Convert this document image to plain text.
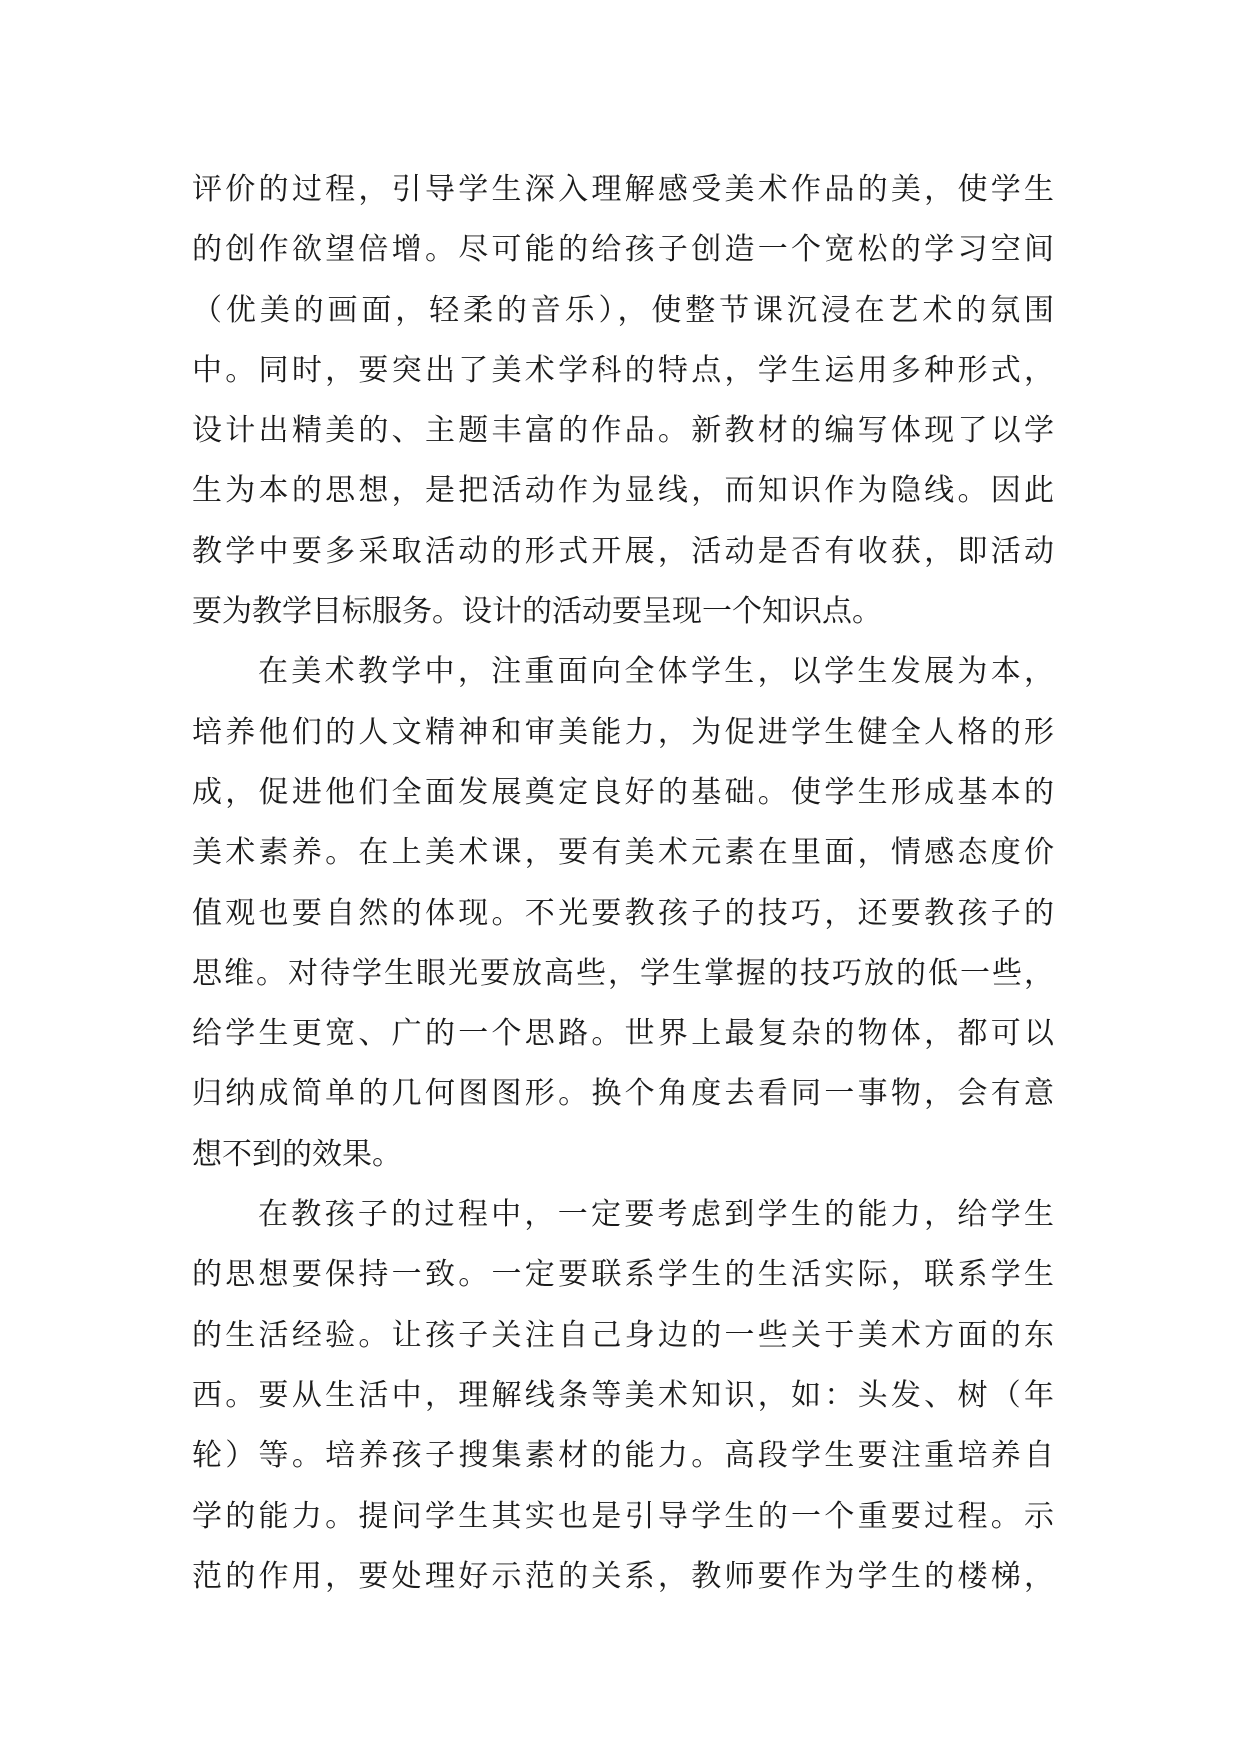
评价的过程，引导学生深入理解感受美术作品的美，使学生
的创作欲望倍增。尽可能的给孩子创造一个宽松的学习空间
（优美的画面，轻柔的音乐），使整节课沉浸在艺术的氛围
中。同时，要突出了美术学科的特点，学生运用多种形式，
设计出精美的、主题丰富的作品。新教材的编写体现了以学
生为本的思想，是把活动作为显线，而知识作为隐线。因此
教学中要多采取活动的形式开展，活动是否有收获，即活动
要为教学目标服务。设计的活动要呈现一个知识点。
在美术教学中，注重面向全体学生，以学生发展为本，
培养他们的人文精神和审美能力，为促进学生健全人格的形
成，促进他们全面发展奠定良好的基础。使学生形成基本的
美术素养。在上美术课，要有美术元素在里面，情感态度价
值观也要自然的体现。不光要教孩子的技巧，还要教孩子的
思维。对待学生眼光要放高些，学生掌握的技巧放的低一些，
给学生更宽、广的一个思路。世界上最复杂的物体，都可以
归纳成简单的几何图图形。换个角度去看同一事物，会有意
想不到的效果。
在教孩子的过程中，一定要考虑到学生的能力，给学生
的思想要保持一致。一定要联系学生的生活实际，联系学生
的生活经验。让孩子关注自己身边的一些关于美术方面的东
西。要从生活中，理解线条等美术知识，如：头发、树（年
轮）等。培养孩子搜集素材的能力。高段学生要注重培养自
学的能力。提问学生其实也是引导学生的一个重要过程。示
范的作用，要处理好示范的关系，教师要作为学生的楼梯，
